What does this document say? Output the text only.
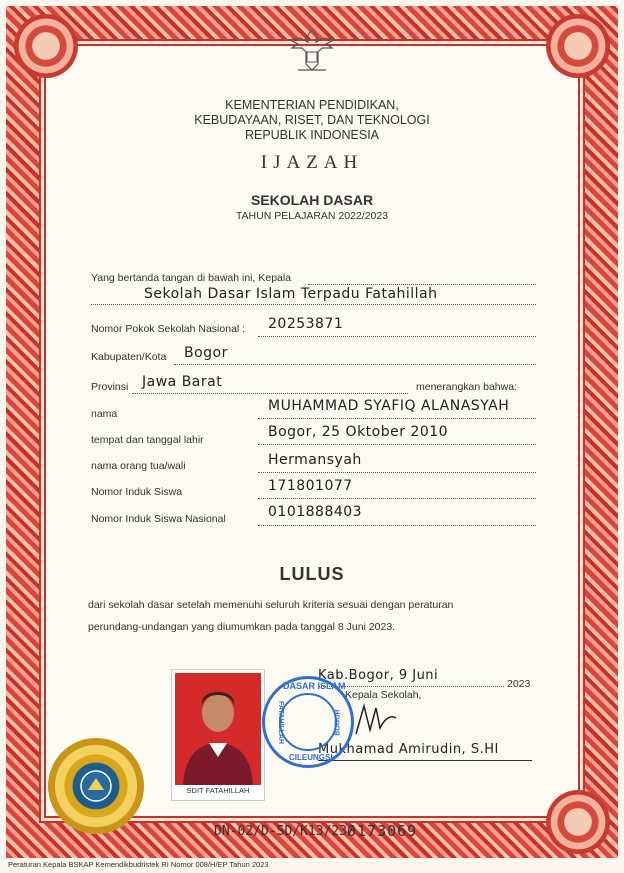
KEMENTERIAN PENDIDIKAN,
KEBUDAYAAN, RISET, DAN TEKNOLOGI
REPUBLIK INDONESIA
IJAZAH
SEKOLAH DASAR
TAHUN PELAJARAN 2022/2023
Yang bertanda tangan di bawah ini, Kepala
Sekolah Dasar Islam Terpadu Fatahillah
Nomor Pokok Sekolah Nasional : 20253871
Kabupaten/Kota Bogor
Provinsi Jawa Barat	menerangkan bahwa:
nama	MUHAMMAD SYAFIQ ALANASYAH
tempat dan tanggal lahir	Bogor, 25 Oktober 2010
nama orang tua/wali	Hermansyah
Nomor Induk Siswa	171801077
Nomor Induk Siswa Nasional	0101888403
LULUS
dari sekolah dasar setelah memenuhi seluruh kriteria sesuai dengan peraturan
perundang-undangan yang diumumkan pada tanggal 8 Juni 2023.
Kab.Bogor, 9 Juni
2023
Kepala Sekolah,
Mukhamad Amirudin, S.HI
SDIT FATAHILLAH
DASAR ISLAM
FATAHILLAH
CILEUNGSI
BOGOR
DN-02/D-SD/K13/23/
0173069
Peraturan Kepala BSKAP Kemendikbudristek RI Nomor 008/H/EP Tahun 2023
